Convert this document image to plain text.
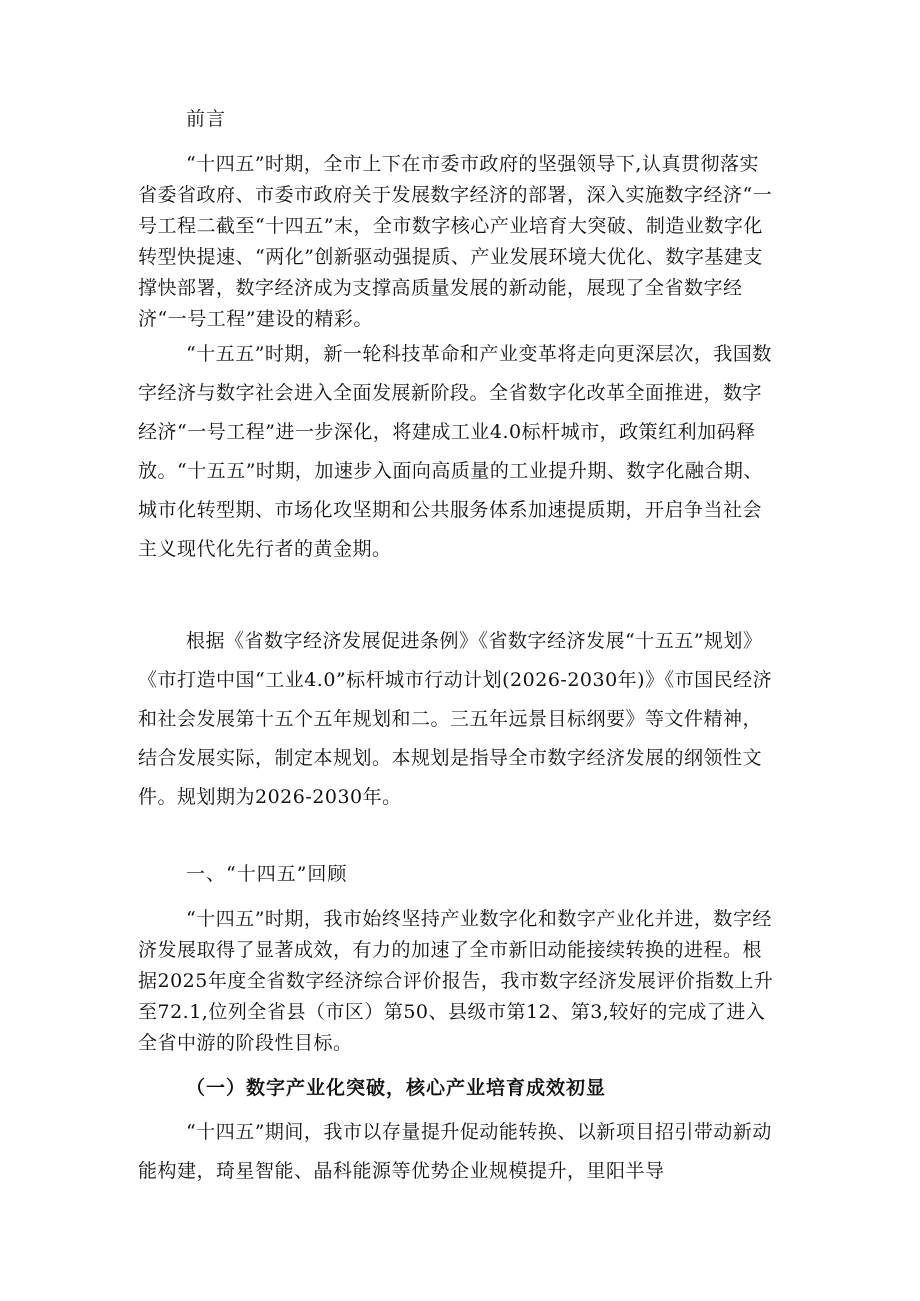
前言

“十四五”时期，全市上下在市委市政府的坚强领导下,认真贯彻落实省委省政府、市委市政府关于发展数字经济的部署，深入实施数字经济“一号工程二截至“十四五”末，全市数字核心产业培育大突破、制造业数字化转型快提速、“两化”创新驱动强提质、产业发展环境大优化、数字基建支撑快部署，数字经济成为支撑高质量发展的新动能，展现了全省数字经济“一号工程”建设的精彩。

“十五五”时期，新一轮科技革命和产业变革将走向更深层次，我国数字经济与数字社会进入全面发展新阶段。全省数字化改革全面推进，数字经济“一号工程”进一步深化，将建成工业4.0标杆城市，政策红利加码释放。“十五五”时期，加速步入面向高质量的工业提升期、数字化融合期、城市化转型期、市场化攻坚期和公共服务体系加速提质期，开启争当社会主义现代化先行者的黄金期。

根据《省数字经济发展促进条例》《省数字经济发展“十五五”规划》《市打造中国“工业4.0”标杆城市行动计划(2026-2030年)》《市国民经济和社会发展第十五个五年规划和二。三五年远景目标纲要》等文件精神，结合发展实际，制定本规划。本规划是指导全市数字经济发展的纲领性文件。规划期为2026-2030年。

一、“十四五”回顾

“十四五”时期，我市始终坚持产业数字化和数字产业化并进，数字经济发展取得了显著成效，有力的加速了全市新旧动能接续转换的进程。根据2025年度全省数字经济综合评价报告，我市数字经济发展评价指数上升至72.1,位列全省县（市区）第50、县级市第12、第3,较好的完成了进入全省中游的阶段性目标。

（一）数字产业化突破，核心产业培育成效初显

“十四五”期间，我市以存量提升促动能转换、以新项目招引带动新动能构建，琦星智能、晶科能源等优势企业规模提升，里阳半导
